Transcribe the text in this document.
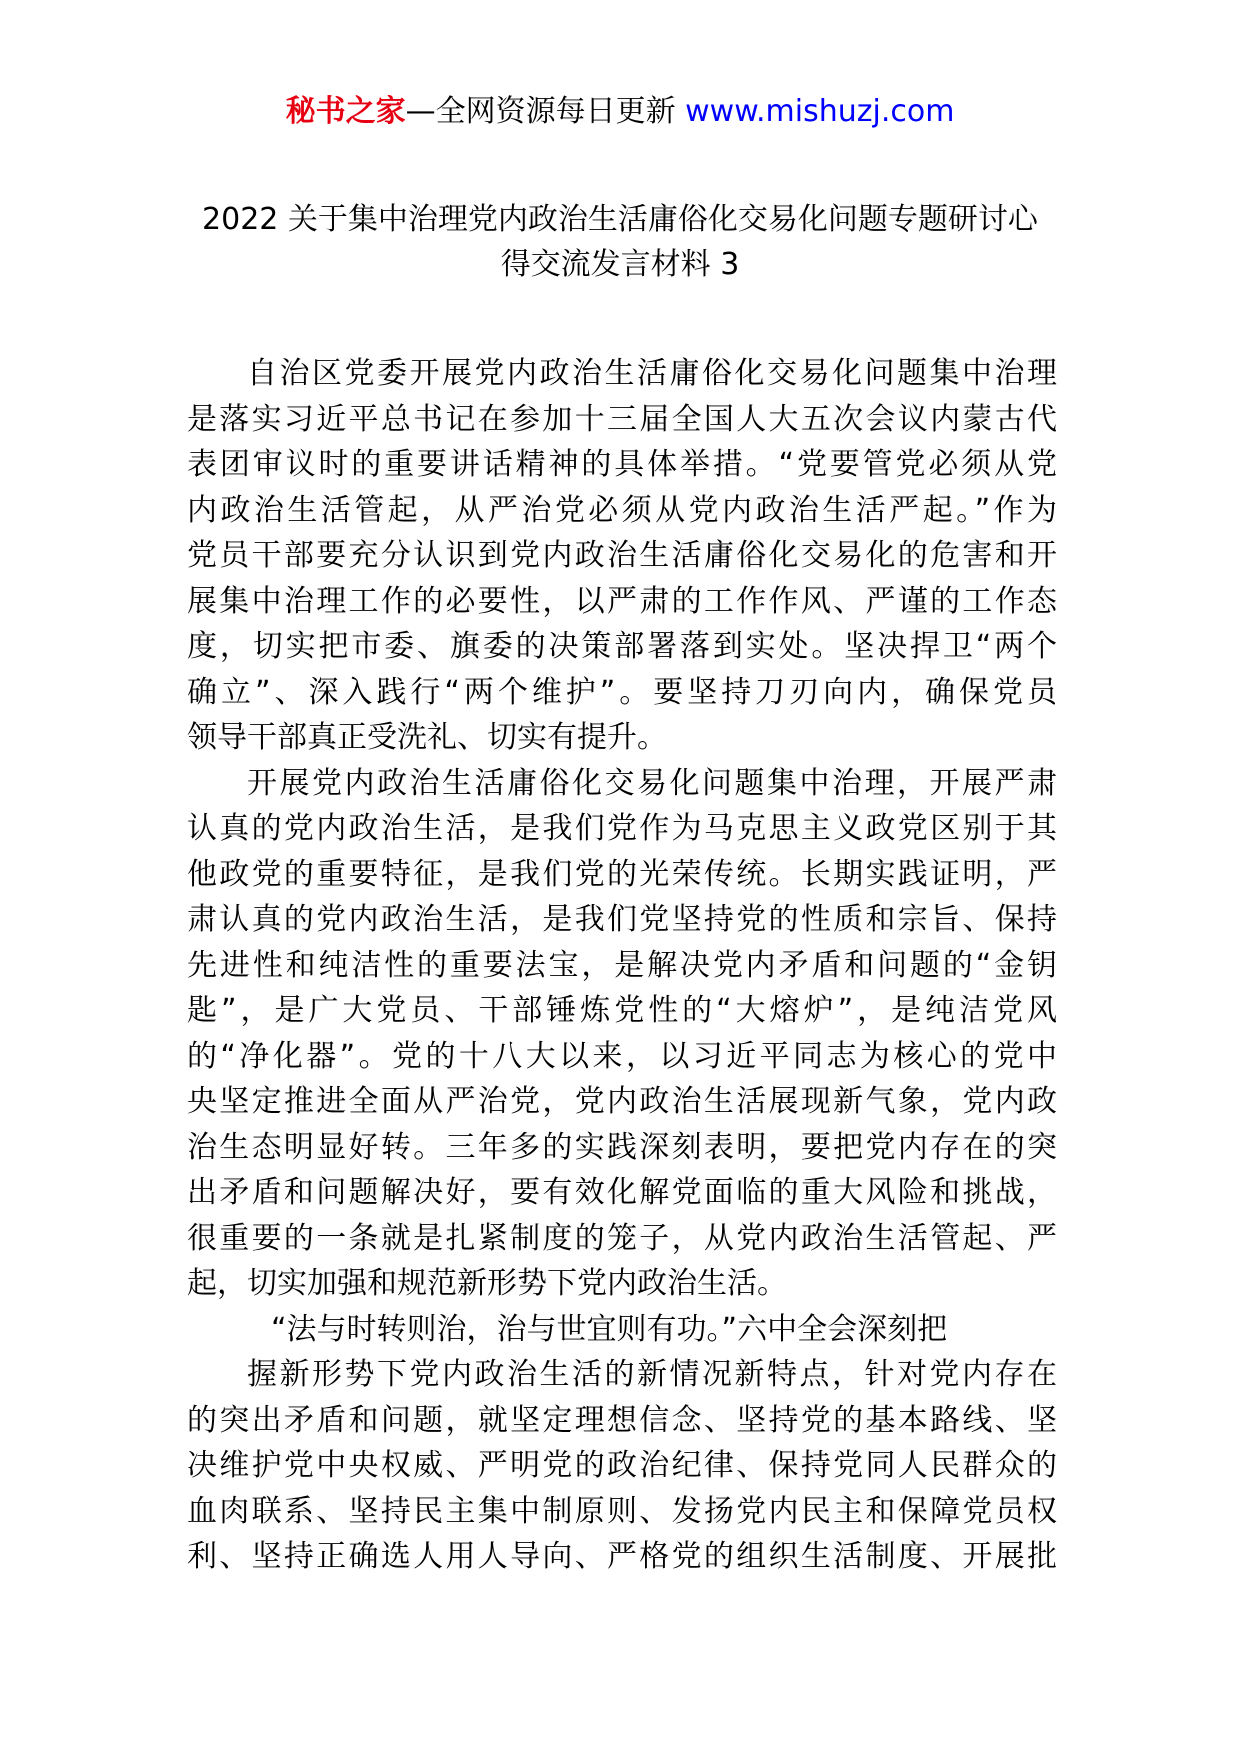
秘书之家—全网资源每日更新 www.mishuzj.com
2022 关于集中治理党内政治生活庸俗化交易化问题专题研讨心
得交流发言材料 3
自治区党委开展党内政治生活庸俗化交易化问题集中治理
是落实习近平总书记在参加十三届全国人大五次会议内蒙古代
表团审议时的重要讲话精神的具体举措。“党要管党必须从党
内政治生活管起，从严治党必须从党内政治生活严起。”作为
党员干部要充分认识到党内政治生活庸俗化交易化的危害和开
展集中治理工作的必要性，以严肃的工作作风、严谨的工作态
度，切实把市委、旗委的决策部署落到实处。坚决捍卫“两个
确立”、深入践行“两个维护”。要坚持刀刃向内，确保党员
领导干部真正受洗礼、切实有提升。
开展党内政治生活庸俗化交易化问题集中治理，开展严肃
认真的党内政治生活，是我们党作为马克思主义政党区别于其
他政党的重要特征，是我们党的光荣传统。长期实践证明，严
肃认真的党内政治生活，是我们党坚持党的性质和宗旨、保持
先进性和纯洁性的重要法宝，是解决党内矛盾和问题的“金钥
匙”，是广大党员、干部锤炼党性的“大熔炉”，是纯洁党风
的“净化器”。党的十八大以来，以习近平同志为核心的党中
央坚定推进全面从严治党，党内政治生活展现新气象，党内政
治生态明显好转。三年多的实践深刻表明，要把党内存在的突
出矛盾和问题解决好，要有效化解党面临的重大风险和挑战，
很重要的一条就是扎紧制度的笼子，从党内政治生活管起、严
起，切实加强和规范新形势下党内政治生活。
“法与时转则治，治与世宜则有功。”六中全会深刻把
握新形势下党内政治生活的新情况新特点，针对党内存在
的突出矛盾和问题，就坚定理想信念、坚持党的基本路线、坚
决维护党中央权威、严明党的政治纪律、保持党同人民群众的
血肉联系、坚持民主集中制原则、发扬党内民主和保障党员权
利、坚持正确选人用人导向、严格党的组织生活制度、开展批
